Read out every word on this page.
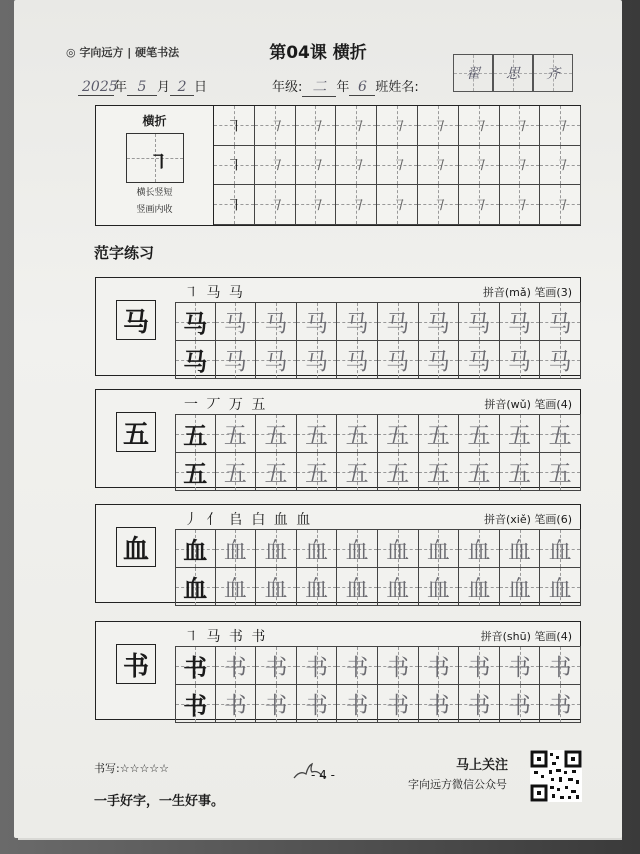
◎ 字向远方 | 硬笔书法	第04课 横折
2025年 5 月 2 日	年级: 二 年 6 班姓名:
翟 思 齐
横折
㇕
横长竖短
竖画内收
㇕ ㇕ ㇕ ㇕ ㇕ ㇕ ㇕ ㇕ ㇕
㇕ ㇕ ㇕ ㇕ ㇕ ㇕ ㇕ ㇕ ㇕
㇕ ㇕ ㇕ ㇕ ㇕ ㇕ ㇕ ㇕ ㇕
范字练习
马
㇕ 马 马	拼音(mǎ) 笔画(3)
马 马 马 马 马 马 马 马 马 马
马 马 马 马 马 马 马 马 马 马
五
一 丆 万 五	拼音(wǔ) 笔画(4)
五 五 五 五 五 五 五 五 五 五
五 五 五 五 五 五 五 五 五 五
血
丿 亻 𠂤 白 血 血	拼音(xiě) 笔画(6)
血 血 血 血 血 血 血 血 血 血
血 血 血 血 血 血 血 血 血 血
书
㇕ 马 书 书	拼音(shū) 笔画(4)
书 书 书 书 书 书 书 书 书 书
书 书 书 书 书 书 书 书 书 书
书写:☆☆☆☆☆
一手好字，一生好事。
- 4 -
马上关注
字向远方微信公众号
